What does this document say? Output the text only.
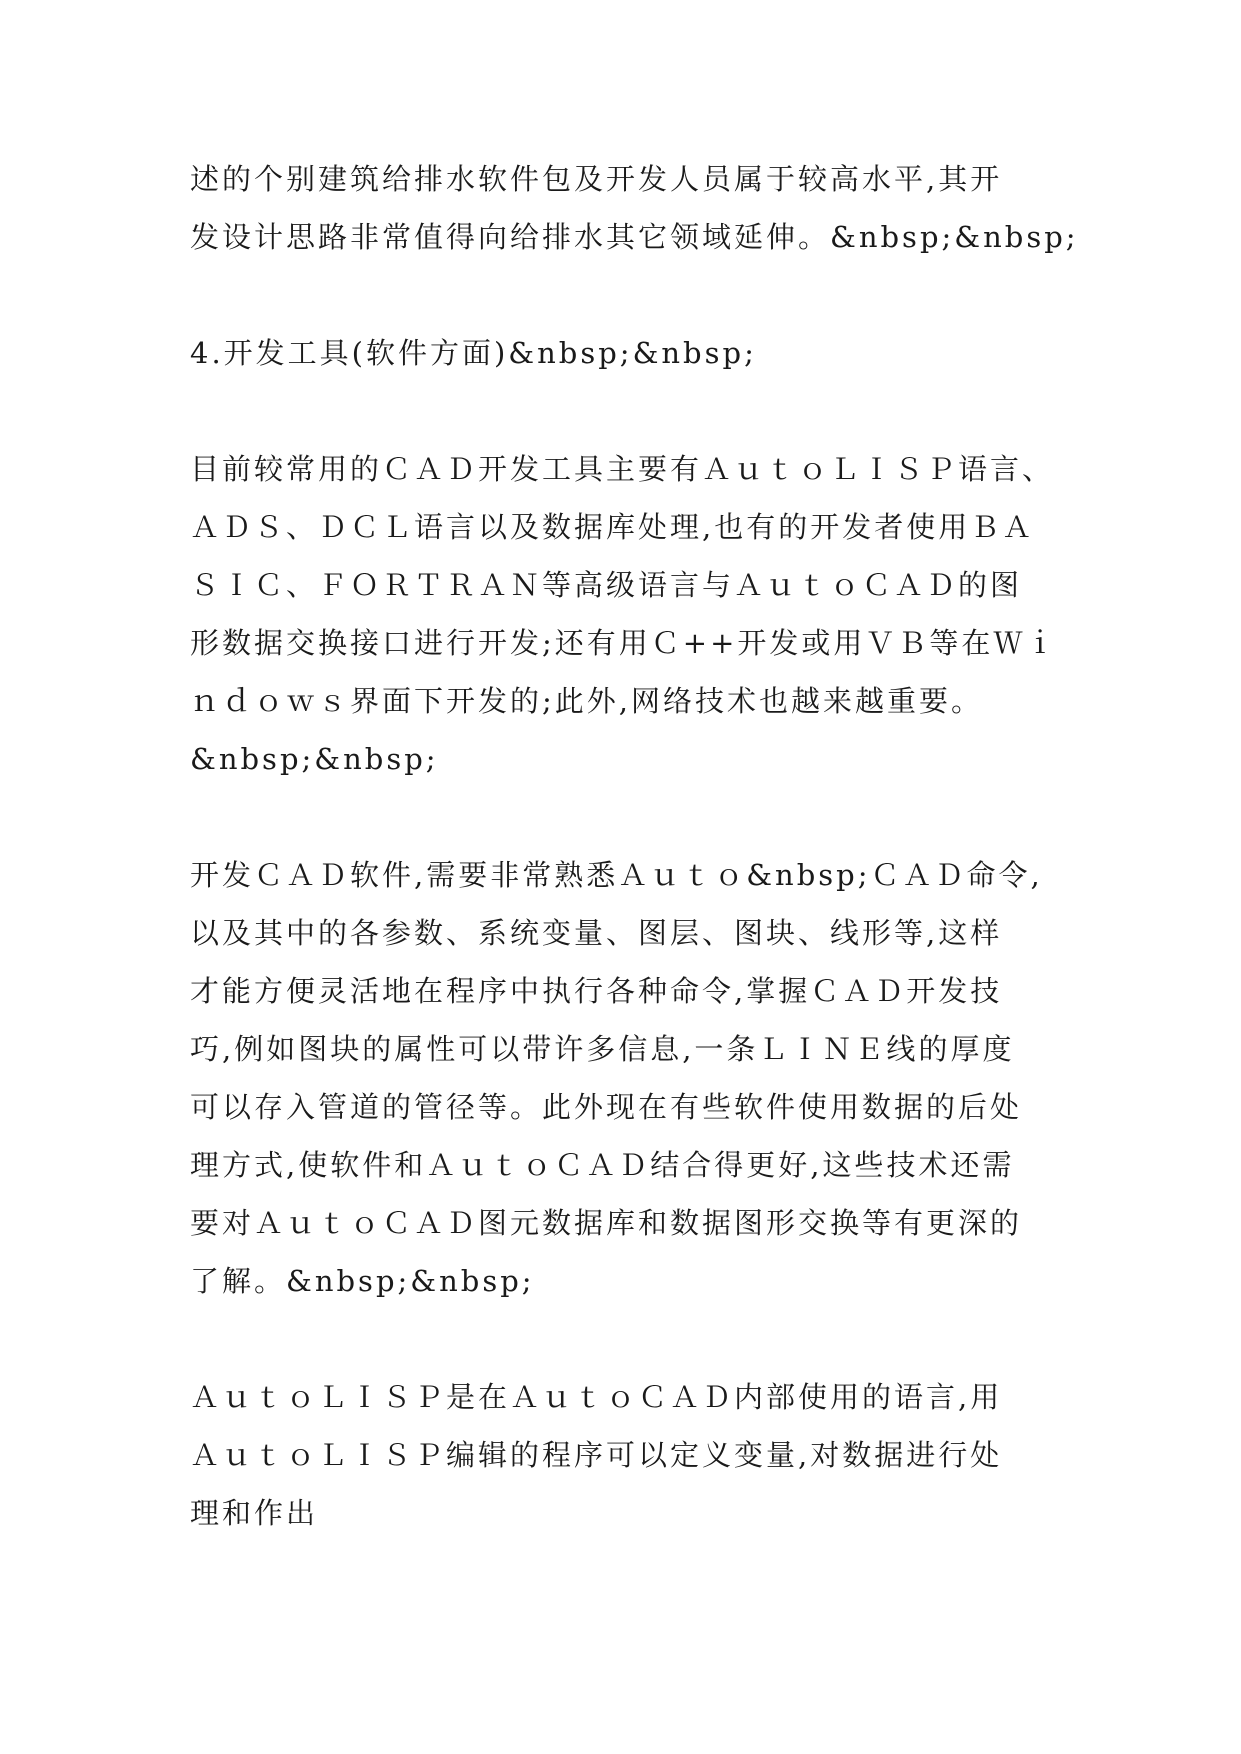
述的个别建筑给排水软件包及开发人员属于较高水平,其开
发设计思路非常值得向给排水其它领域延伸。&nbsp;&nbsp;

4.开发工具(软件方面)&nbsp;&nbsp;

目前较常用的ＣＡＤ开发工具主要有ＡｕｔｏＬＩＳＰ语言、
ＡＤＳ、ＤＣＬ语言以及数据库处理,也有的开发者使用ＢＡ
ＳＩＣ、ＦＯＲＴＲＡＮ等高级语言与ＡｕｔｏＣＡＤ的图
形数据交换接口进行开发;还有用Ｃ++开发或用ＶＢ等在Ｗｉ
ｎｄｏｗｓ界面下开发的;此外,网络技术也越来越重要。
&nbsp;&nbsp;

开发ＣＡＤ软件,需要非常熟悉Ａｕｔｏ&nbsp;ＣＡＤ命令,
以及其中的各参数、系统变量、图层、图块、线形等,这样
才能方便灵活地在程序中执行各种命令,掌握ＣＡＤ开发技
巧,例如图块的属性可以带许多信息,一条ＬＩＮＥ线的厚度
可以存入管道的管径等。此外现在有些软件使用数据的后处
理方式,使软件和ＡｕｔｏＣＡＤ结合得更好,这些技术还需
要对ＡｕｔｏＣＡＤ图元数据库和数据图形交换等有更深的
了解。&nbsp;&nbsp;

ＡｕｔｏＬＩＳＰ是在ＡｕｔｏＣＡＤ内部使用的语言,用
ＡｕｔｏＬＩＳＰ编辑的程序可以定义变量,对数据进行处
理和作出
